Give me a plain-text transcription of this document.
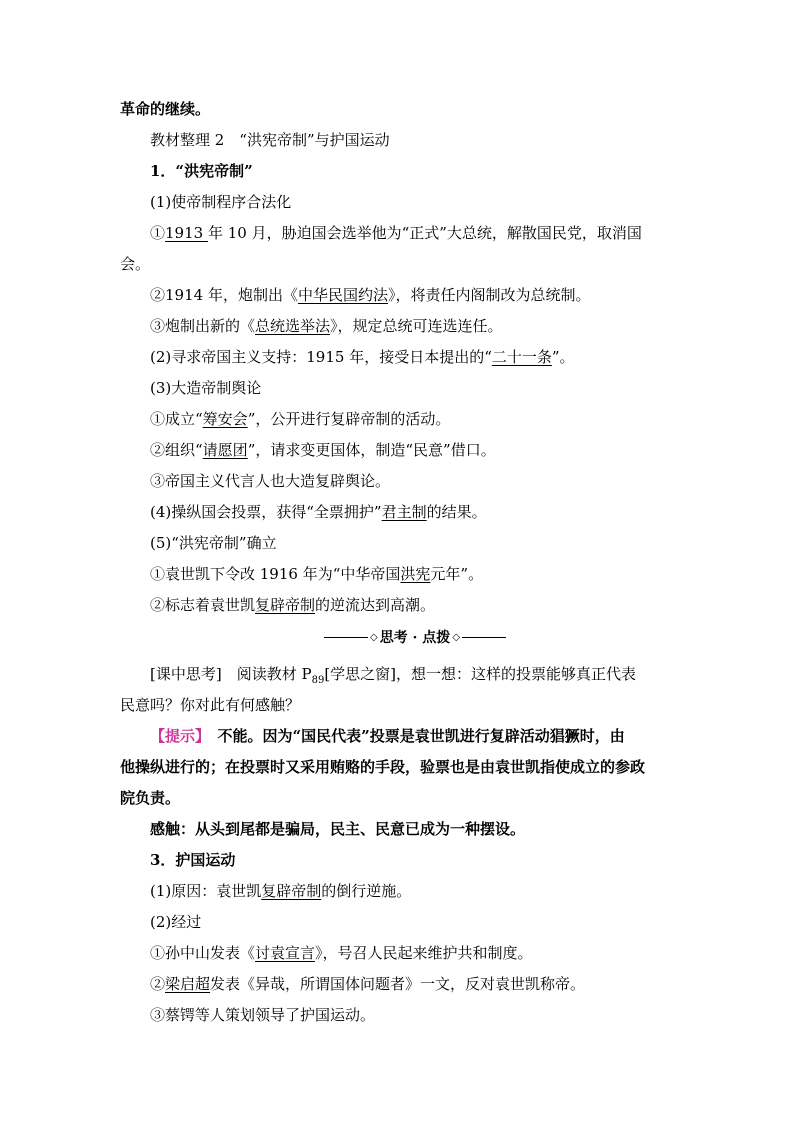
革命的继续。
教材整理 2　“洪宪帝制”与护国运动
1．“洪宪帝制”
(1)使帝制程序合法化
①1913 年 10 月，胁迫国会选举他为“正式”大总统，解散国民党，取消国
会。
②1914 年，炮制出《中华民国约法》，将责任内阁制改为总统制。
③炮制出新的《总统选举法》，规定总统可连选连任。
(2)寻求帝国主义支持：1915 年，接受日本提出的“二十一条”。
(3)大造帝制舆论
①成立“筹安会”，公开进行复辟帝制的活动。
②组织“请愿团”，请求变更国体，制造“民意”借口。
③帝国主义代言人也大造复辟舆论。
(4)操纵国会投票，获得“全票拥护”君主制的结果。
(5)“洪宪帝制”确立
①袁世凯下令改 1916 年为“中华帝国洪宪元年”。
②标志着袁世凯复辟帝制的逆流达到高潮。
◇ 思考 · 点拨 ◇
[课中思考]　阅读教材 $P_{89}$[学思之窗]，想一想：这样的投票能够真正代表
民意吗？你对此有何感触？
【提示】　不能。因为“国民代表”投票是袁世凯进行复辟活动猖獗时，由
他操纵进行的；在投票时又采用贿赂的手段，验票也是由袁世凯指使成立的参政
院负责。
感触：从头到尾都是骗局，民主、民意已成为一种摆设。
3．护国运动
(1)原因：袁世凯复辟帝制的倒行逆施。
(2)经过
①孙中山发表《讨袁宣言》，号召人民起来维护共和制度。
②梁启超发表《异哉，所谓国体问题者》一文，反对袁世凯称帝。
③蔡锷等人策划领导了护国运动。
